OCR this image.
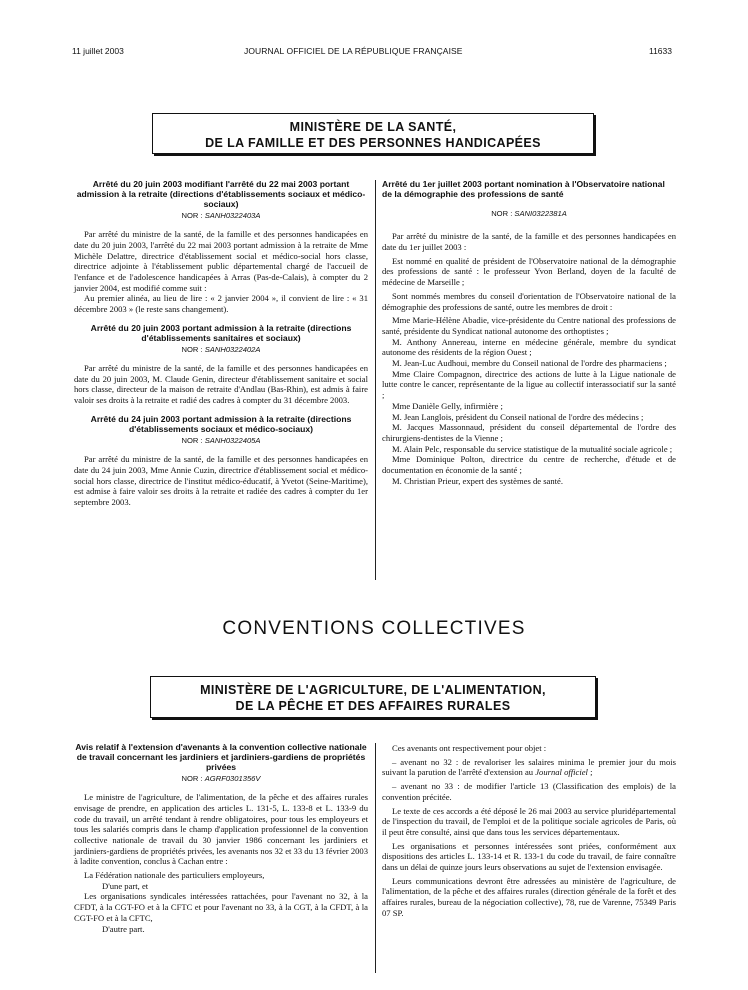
11 juillet 2003	JOURNAL OFFICIEL DE LA RÉPUBLIQUE FRANÇAISE	11633
MINISTÈRE DE LA SANTÉ,
DE LA FAMILLE ET DES PERSONNES HANDICAPÉES
Arrêté du 20 juin 2003 modifiant l'arrêté du 22 mai 2003 portant admission à la retraite (directions d'établissements sociaux et médico-sociaux)
NOR : SANH0322403A

Par arrêté du ministre de la santé, de la famille et des personnes handicapées en date du 20 juin 2003, l'arrêté du 22 mai 2003 portant admission à la retraite de Mme Michèle Delattre, directrice d'établissement social et médico-social hors classe, directrice adjointe à l'établissement public départemental chargé de l'accueil de l'enfance et de l'adolescence handicapées à Arras (Pas-de-Calais), à compter du 2 janvier 2004, est modifié comme suit :

Au premier alinéa, au lieu de lire : « 2 janvier 2004 », il convient de lire : « 31 décembre 2003 » (le reste sans changement).

Arrêté du 20 juin 2003 portant admission à la retraite (directions d'établissements sanitaires et sociaux)
NOR : SANH0322402A

Par arrêté du ministre de la santé, de la famille et des personnes handicapées en date du 20 juin 2003, M. Claude Genin, directeur d'établissement sanitaire et social hors classe, directeur de la maison de retraite d'Andlau (Bas-Rhin), est admis à faire valoir ses droits à la retraite et radié des cadres à compter du 31 décembre 2003.

Arrêté du 24 juin 2003 portant admission à la retraite (directions d'établissements sociaux et médico-sociaux)
NOR : SANH0322405A

Par arrêté du ministre de la santé, de la famille et des personnes handicapées en date du 24 juin 2003, Mme Annie Cuzin, directrice d'établissement social et médico-social hors classe, directrice de l'institut médico-éducatif, à Yvetot (Seine-Maritime), est admise à faire valoir ses droits à la retraite et radiée des cadres à compter du 1er septembre 2003.

Arrêté du 1er juillet 2003 portant nomination à l'Observatoire national de la démographie des professions de santé
NOR : SANI0322381A

Par arrêté du ministre de la santé, de la famille et des personnes handicapées en date du 1er juillet 2003 :

Est nommé en qualité de président de l'Observatoire national de la démographie des professions de santé : le professeur Yvon Berland, doyen de la faculté de médecine de Marseille ;

Sont nommés membres du conseil d'orientation de l'Observatoire national de la démographie des professions de santé, outre les membres de droit :

Mme Marie-Hélène Abadie, vice-présidente du Centre national des professions de santé, présidente du Syndicat national autonome des orthoptistes ;

M. Anthony Annereau, interne en médecine générale, membre du syndicat autonome des résidents de la région Ouest ;

M. Jean-Luc Audhoui, membre du Conseil national de l'ordre des pharmaciens ;

Mme Claire Compagnon, directrice des actions de lutte à la Ligue nationale de lutte contre le cancer, représentante de la ligue au collectif interassociatif sur la santé ;

Mme Danièle Gelly, infirmière ;

M. Jean Langlois, président du Conseil national de l'ordre des médecins ;

M. Jacques Massonnaud, président du conseil départemental de l'ordre des chirurgiens-dentistes de la Vienne ;

M. Alain Pelc, responsable du service statistique de la mutualité sociale agricole ;

Mme Dominique Polton, directrice du centre de recherche, d'étude et de documentation en économie de la santé ;

M. Christian Prieur, expert des systèmes de santé.

CONVENTIONS COLLECTIVES
MINISTÈRE DE L'AGRICULTURE, DE L'ALIMENTATION,
DE LA PÊCHE ET DES AFFAIRES RURALES
Avis relatif à l'extension d'avenants à la convention collective nationale de travail concernant les jardiniers et jardiniers-gardiens de propriétés privées
NOR : AGRF0301356V

Le ministre de l'agriculture, de l'alimentation, de la pêche et des affaires rurales envisage de prendre, en application des articles L. 131-5, L. 133-8 et L. 133-9 du code du travail, un arrêté tendant à rendre obligatoires, pour tous les employeurs et tous les salariés compris dans le champ d'application professionnel de la convention collective nationale de travail du 30 janvier 1986 concernant les jardiniers et jardiniers-gardiens de propriétés privées, les avenants nos 32 et 33 du 13 février 2003 à ladite convention, conclus à Cachan entre :

La Fédération nationale des particuliers employeurs,

D'une part, et

Les organisations syndicales intéressées rattachées, pour l'avenant no 32, à la CFDT, à la CGT-FO et à la CFTC et pour l'avenant no 33, à la CGT, à la CFDT, à la CGT-FO et à la CFTC,

D'autre part.

Ces avenants ont respectivement pour objet :

– avenant no 32 : de revaloriser les salaires minima le premier jour du mois suivant la parution de l'arrêté d'extension au Journal officiel ;

– avenant no 33 : de modifier l'article 13 (Classification des emplois) de la convention précitée.

Le texte de ces accords a été déposé le 26 mai 2003 au service pluridépartemental de l'inspection du travail, de l'emploi et de la politique sociale agricoles de Paris, où il peut être consulté, ainsi que dans tous les services départementaux.

Les organisations et personnes intéressées sont priées, conformément aux dispositions des articles L. 133-14 et R. 133-1 du code du travail, de faire connaître dans un délai de quinze jours leurs observations au sujet de l'extension envisagée.

Leurs communications devront être adressées au ministère de l'agriculture, de l'alimentation, de la pêche et des affaires rurales (direction générale de la forêt et des affaires rurales, bureau de la négociation collective), 78, rue de Varenne, 75349 Paris 07 SP.
